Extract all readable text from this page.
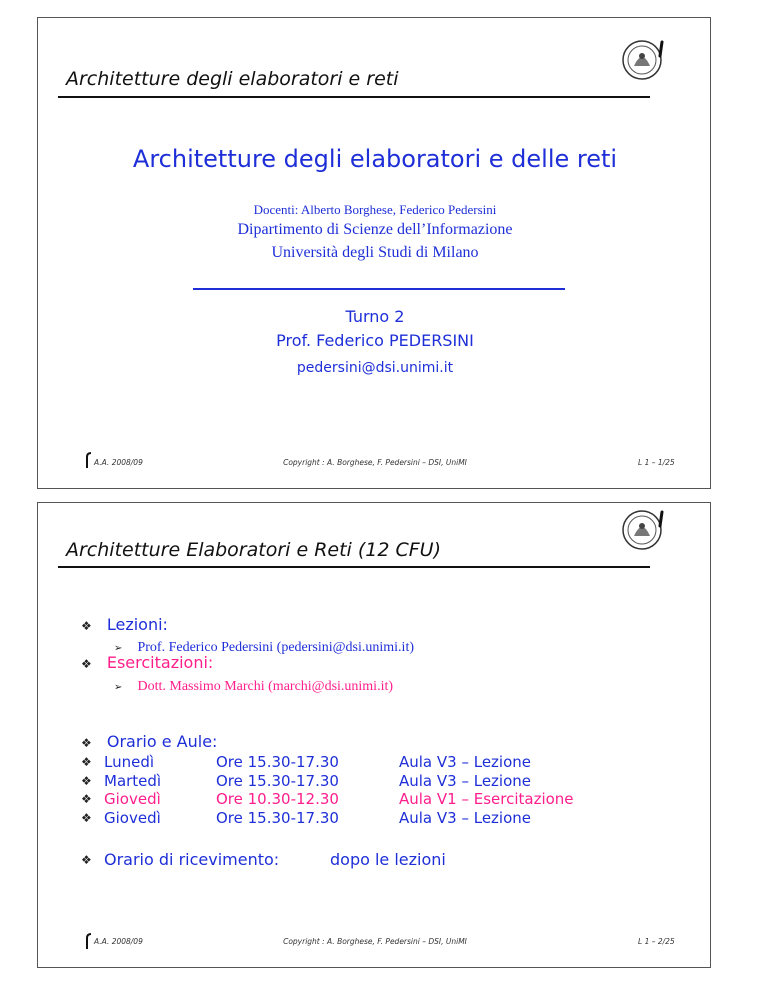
Architetture degli elaboratori e reti
Architetture degli elaboratori e delle reti
Docenti: Alberto Borghese, Federico Pedersini
Dipartimento di Scienze dell’Informazione
Università degli Studi di Milano
Turno 2
Prof. Federico PEDERSINI
pedersini@dsi.unimi.it
A.A. 2008/09	Copyright : A. Borghese, F. Pedersini – DSI, UniMI	L 1 – 1/25
Architetture Elaboratori e Reti (12 CFU)
❖ Lezioni:
➢ Prof. Federico Pedersini (pedersini@dsi.unimi.it)
❖ Esercitazioni:
➢ Dott. Massimo Marchi (marchi@dsi.unimi.it)
❖ Orario e Aule:
❖ Lunedì	Ore 15.30-17.30	Aula V3 – Lezione
❖ Martedì	Ore 15.30-17.30	Aula V3 – Lezione
❖ Giovedì	Ore 10.30-12.30	Aula V1 – Esercitazione
❖ Giovedì	Ore 15.30-17.30	Aula V3 – Lezione
❖ Orario di ricevimento:	dopo le lezioni
A.A. 2008/09	Copyright : A. Borghese, F. Pedersini – DSI, UniMI	L 1 – 2/25
